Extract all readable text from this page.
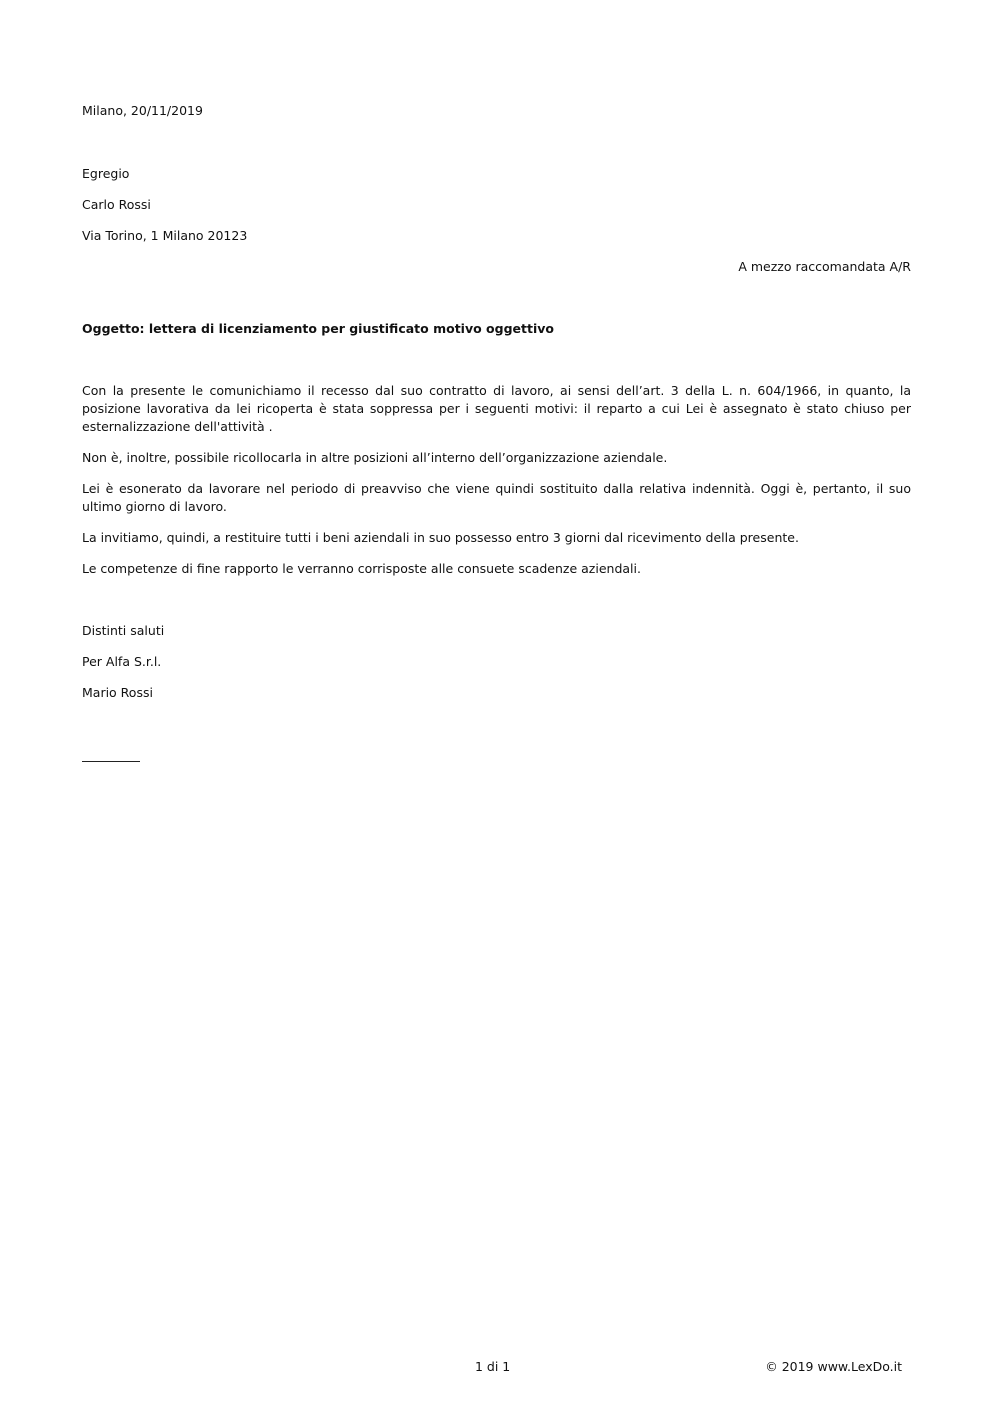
Milano, 20/11/2019
Egregio
Carlo Rossi
Via Torino, 1 Milano 20123
A mezzo raccomandata A/R
Oggetto: lettera di licenziamento per giustificato motivo oggettivo
Con la presente le comunichiamo il recesso dal suo contratto di lavoro, ai sensi dell’art. 3 della L. n. 604/1966, in quanto, la posizione lavorativa da lei ricoperta è stata soppressa per i seguenti motivi: il reparto a cui Lei è assegnato è stato chiuso per esternalizzazione dell'attività .
Non è, inoltre, possibile ricollocarla in altre posizioni all’interno dell’organizzazione aziendale.
Lei è esonerato da lavorare nel periodo di preavviso che viene quindi sostituito dalla relativa indennità. Oggi è, pertanto, il suo ultimo giorno di lavoro.
La invitiamo, quindi, a restituire tutti i beni aziendali in suo possesso entro 3 giorni dal ricevimento della presente.
Le competenze di fine rapporto le verranno corrisposte alle consuete scadenze aziendali.
Distinti saluti
Per Alfa S.r.l.
Mario Rossi
1 di 1	© 2019 www.LexDo.it
